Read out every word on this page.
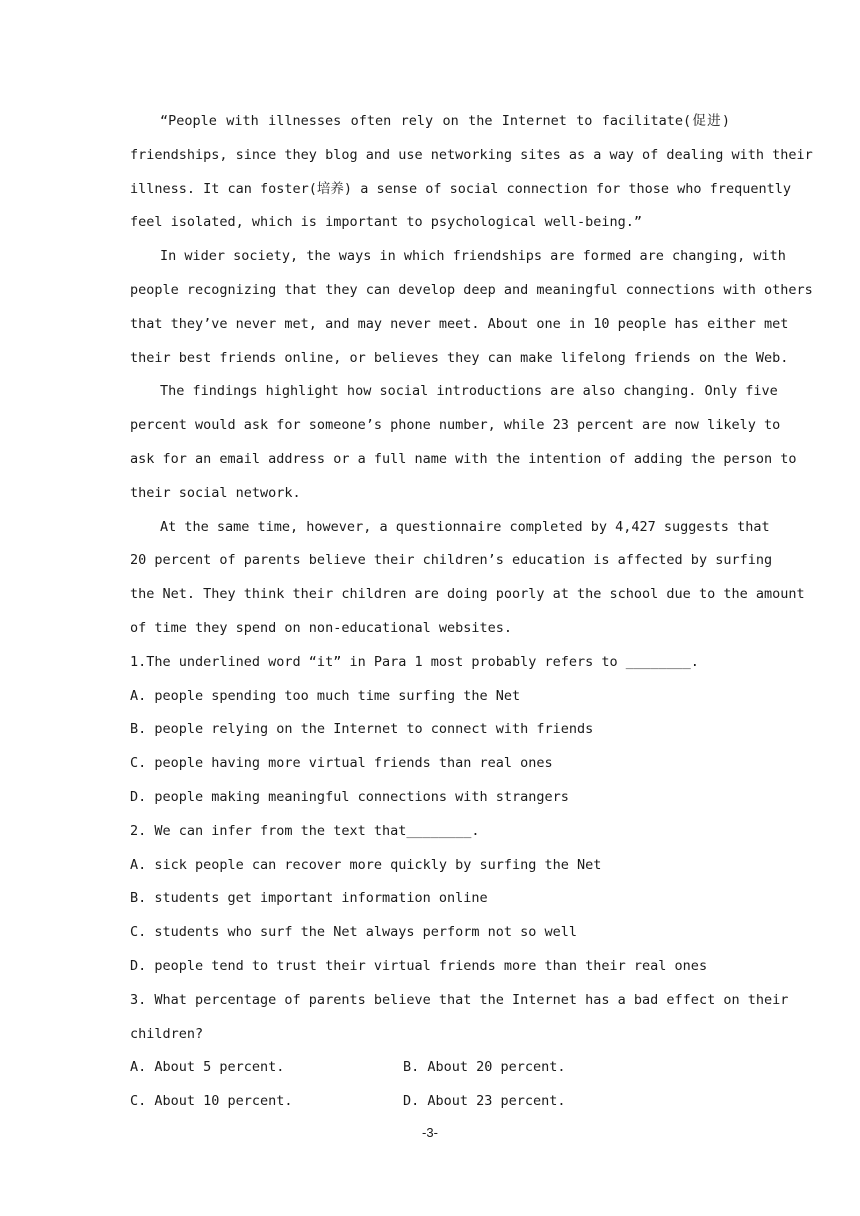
“People with illnesses often rely on the Internet to facilitate(促进)
friendships, since they blog and use networking sites as a way of dealing with their
illness. It can foster(培养) a sense of social connection for those who frequently
feel isolated, which is important to psychological well-being.”
In wider society, the ways in which friendships are formed are changing, with
people recognizing that they can develop deep and meaningful connections with others
that they’ve never met, and may never meet. About one in 10 people has either met
their best friends online, or believes they can make lifelong friends on the Web.
The findings highlight how social introductions are also changing. Only five
percent would ask for someone’s phone number, while 23 percent are now likely to
ask for an email address or a full name with the intention of adding the person to
their social network.
At the same time, however, a questionnaire completed by 4,427 suggests that
20 percent of parents believe their children’s education is affected by surfing
the Net. They think their children are doing poorly at the school due to the amount
of time they spend on non-educational websites.
1.The underlined word “it” in Para 1 most probably refers to ________.
A. people spending too much time surfing the Net
B. people relying on the Internet to connect with friends
C. people having more virtual friends than real ones
D. people making meaningful connections with strangers
2. We can infer from the text that________.
A. sick people can recover more quickly by surfing the Net
B. students get important information online
C. students who surf the Net always perform not so well
D. people tend to trust their virtual friends more than their real ones
3. What percentage of parents believe that the Internet has a bad effect on their
children?
A. About 5 percent.	B. About 20 percent.
C. About 10 percent.	D. About 23 percent.
-3-
